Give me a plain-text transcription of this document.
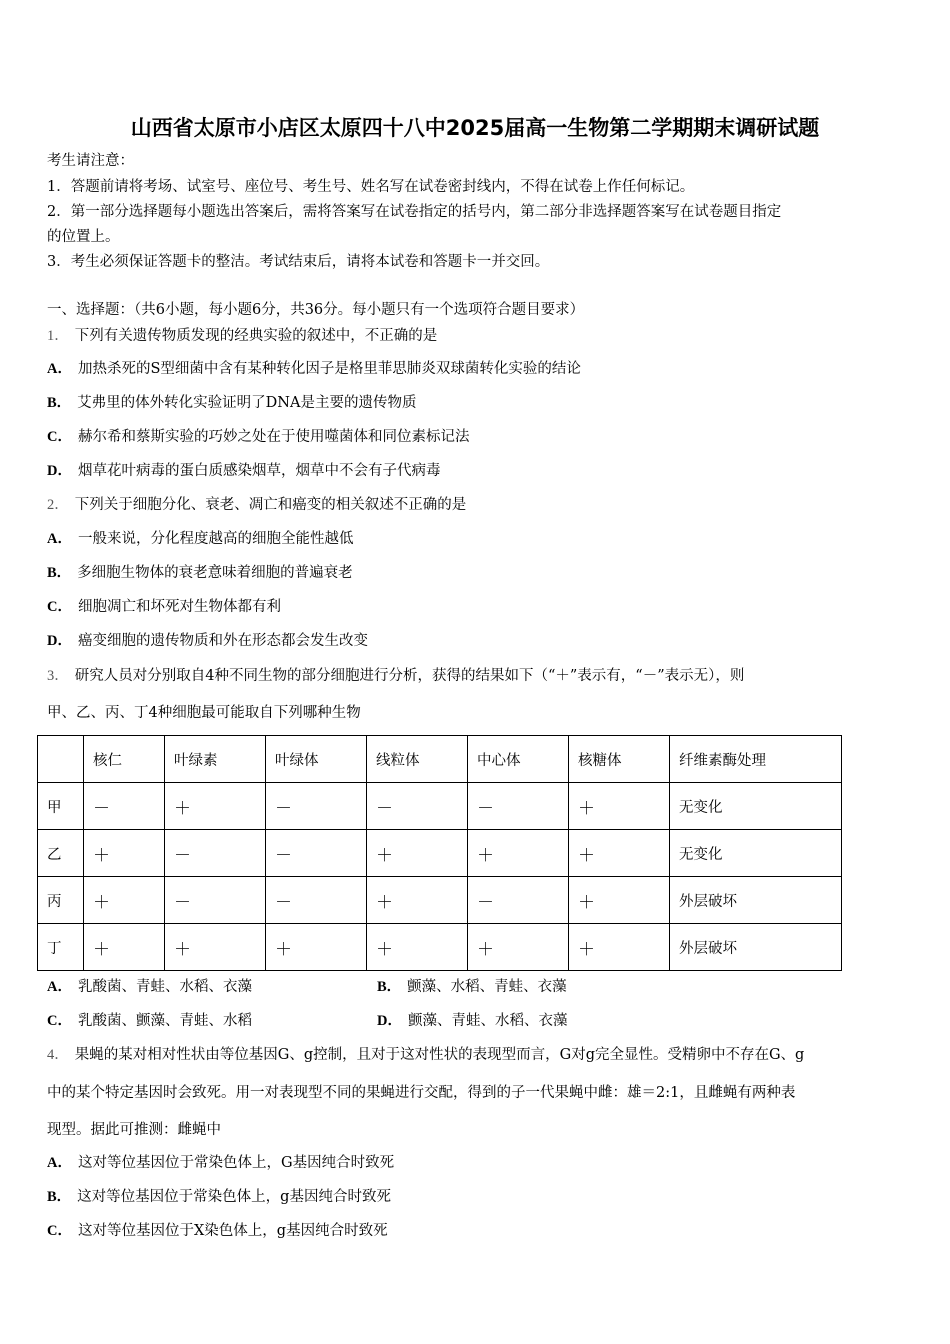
山西省太原市小店区太原四十八中2025届高一生物第二学期期末调研试题
考生请注意：
1．答题前请将考场、试室号、座位号、考生号、姓名写在试卷密封线内，不得在试卷上作任何标记。
2．第一部分选择题每小题选出答案后，需将答案写在试卷指定的括号内，第二部分非选择题答案写在试卷题目指定
的位置上。
3．考生必须保证答题卡的整洁。考试结束后，请将本试卷和答题卡一并交回。
一、选择题：（共6小题，每小题6分，共36分。每小题只有一个选项符合题目要求）
1． 下列有关遗传物质发现的经典实验的叙述中，不正确的是
A． 加热杀死的S型细菌中含有某种转化因子是格里菲思肺炎双球菌转化实验的结论
B． 艾弗里的体外转化实验证明了DNA是主要的遗传物质
C． 赫尔希和蔡斯实验的巧妙之处在于使用噬菌体和同位素标记法
D． 烟草花叶病毒的蛋白质感染烟草，烟草中不会有子代病毒
2． 下列关于细胞分化、衰老、凋亡和癌变的相关叙述不正确的是
A． 一般来说，分化程度越高的细胞全能性越低
B． 多细胞生物体的衰老意味着细胞的普遍衰老
C． 细胞凋亡和坏死对生物体都有利
D． 癌变细胞的遗传物质和外在形态都会发生改变
3． 研究人员对分别取自4种不同生物的部分细胞进行分析，获得的结果如下（“＋”表示有，“－”表示无），则
甲、乙、丙、丁4种细胞最可能取自下列哪种生物
	核仁	叶绿素	叶绿体	线粒体	中心体	核糖体	纤维素酶处理
甲	－	＋	－	－	－	＋	无变化
乙	＋	－	－	＋	＋	＋	无变化
丙	＋	－	－	＋	－	＋	外层破坏
丁	＋	＋	＋	＋	＋	＋	外层破坏
A． 乳酸菌、青蛙、水稻、衣藻	B． 颤藻、水稻、青蛙、衣藻
C． 乳酸菌、颤藻、青蛙、水稻	D． 颤藻、青蛙、水稻、衣藻
4． 果蝇的某对相对性状由等位基因G、g控制，且对于这对性状的表现型而言，G对g完全显性。受精卵中不存在G、g
中的某个特定基因时会致死。用一对表现型不同的果蝇进行交配，得到的子一代果蝇中雌：雄＝2:1，且雌蝇有两种表
现型。据此可推测：雌蝇中
A． 这对等位基因位于常染色体上，G基因纯合时致死
B． 这对等位基因位于常染色体上，g基因纯合时致死
C． 这对等位基因位于X染色体上，g基因纯合时致死
